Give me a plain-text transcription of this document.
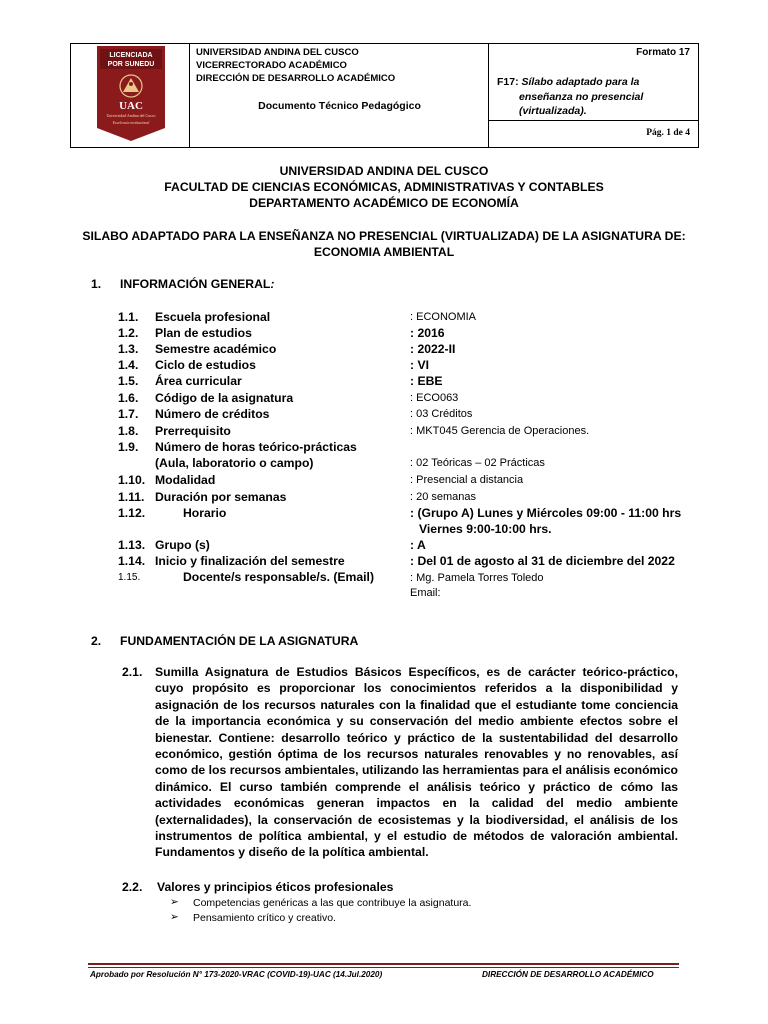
LICENCIADA
POR SUNEDU
UAC
Universidad Andina del Cusco
Excelencia institucional
UNIVERSIDAD ANDINA DEL CUSCO
VICERRECTORADO ACADÉMICO
DIRECCIÓN DE DESARROLLO ACADÉMICO
Documento Técnico Pedagógico
Formato 17
F17: Sílabo adaptado para la
enseñanza no presencial
(virtualizada).
Pág. 1 de 4
UNIVERSIDAD ANDINA DEL CUSCO
FACULTAD DE CIENCIAS ECONÓMICAS, ADMINISTRATIVAS Y CONTABLES
DEPARTAMENTO ACADÉMICO DE ECONOMÍA
SILABO ADAPTADO PARA LA ENSEÑANZA NO PRESENCIAL (VIRTUALIZADA) DE LA ASIGNATURA DE:
ECONOMIA AMBIENTAL
1. INFORMACIÓN GENERAL:
1.1. Escuela profesional	: ECONOMIA
1.2. Plan de estudios	: 2016
1.3. Semestre académico	: 2022-II
1.4. Ciclo de estudios	: VI
1.5. Área curricular	: EBE
1.6. Código de la asignatura	: ECO063
1.7. Número de créditos	: 03 Créditos
1.8. Prerrequisito	: MKT045 Gerencia de Operaciones.
1.9. Número de horas teórico-prácticas
(Aula, laboratorio o campo)	: 02 Teóricas – 02 Prácticas
1.10. Modalidad	: Presencial a distancia
1.11. Duración por semanas	: 20 semanas
1.12.	Horario	: (Grupo A) Lunes y Miércoles 09:00 - 11:00 hrs
Viernes 9:00-10:00 hrs.
1.13. Grupo (s)	: A
1.14. Inicio y finalización del semestre	: Del 01 de agosto al 31 de diciembre del 2022
1.15.	Docente/s responsable/s. (Email)	: Mg. Pamela Torres Toledo
Email:
2. FUNDAMENTACIÓN DE LA ASIGNATURA
2.1. Sumilla Asignatura de Estudios Básicos Específicos, es de carácter teórico-práctico, cuyo propósito es proporcionar los conocimientos referidos a la disponibilidad y asignación de los recursos naturales con la finalidad que el estudiante tome conciencia de la importancia económica y su conservación del medio ambiente efectos sobre el bienestar. Contiene: desarrollo teórico y práctico de la sustentabilidad del desarrollo económico, gestión óptima de los recursos naturales renovables y no renovables, así como de los recursos ambientales, utilizando las herramientas para el análisis económico dinámico. El curso también comprende el análisis teórico y práctico de cómo las actividades económicas generan impactos en la calidad del medio ambiente (externalidades), la conservación de ecosistemas y la biodiversidad, el análisis de los instrumentos de política ambiental, y el estudio de métodos de valoración ambiental. Fundamentos y diseño de la política ambiental.
2.2. Valores y principios éticos profesionales
➢ Competencias genéricas a las que contribuye la asignatura.
➢ Pensamiento crítico y creativo.
Aprobado por Resolución N° 173-2020-VRAC (COVID-19)-UAC (14.Jul.2020)	DIRECCIÓN DE DESARROLLO ACADÉMICO
